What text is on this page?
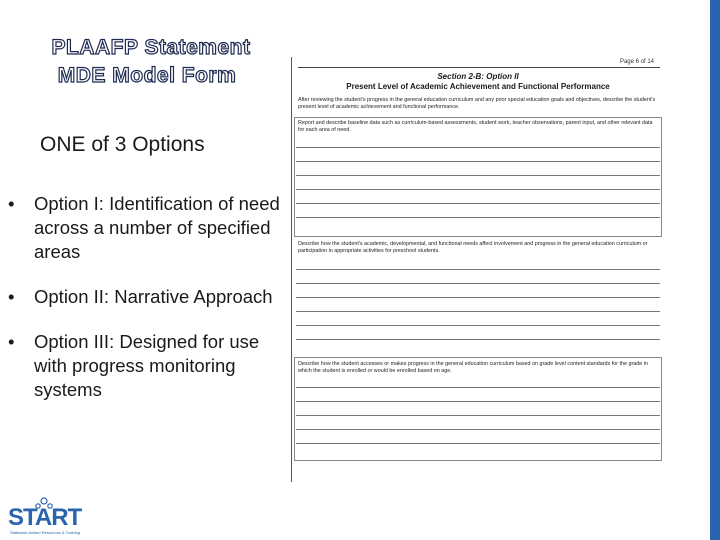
PLAAFP Statement
MDE Model Form
ONE of 3 Options
• Option I: Identification of need across a number of specified areas
• Option II: Narrative Approach
• Option III: Designed for use with progress monitoring systems
Page 6 of 14
Section 2-B: Option II
Present Level of Academic Achievement and Functional Performance
After reviewing the student's progress in the general education curriculum and any prior special education goals and objectives, describe the student's present level of academic achievement and functional performance.
Report and describe baseline data such as curriculum-based assessments, student work, teacher observations, parent input, and other relevant data for each area of need.
Describe how the student's academic, developmental, and functional needs affect involvement and progress in the general education curriculum or participation in appropriate activities for preschool students.
Describe how the student accesses or makes progress in the general education curriculum based on grade level content standards for the grade in which the student is enrolled or would be enrolled based on age.
START
Statewide Autism Resources & Training
